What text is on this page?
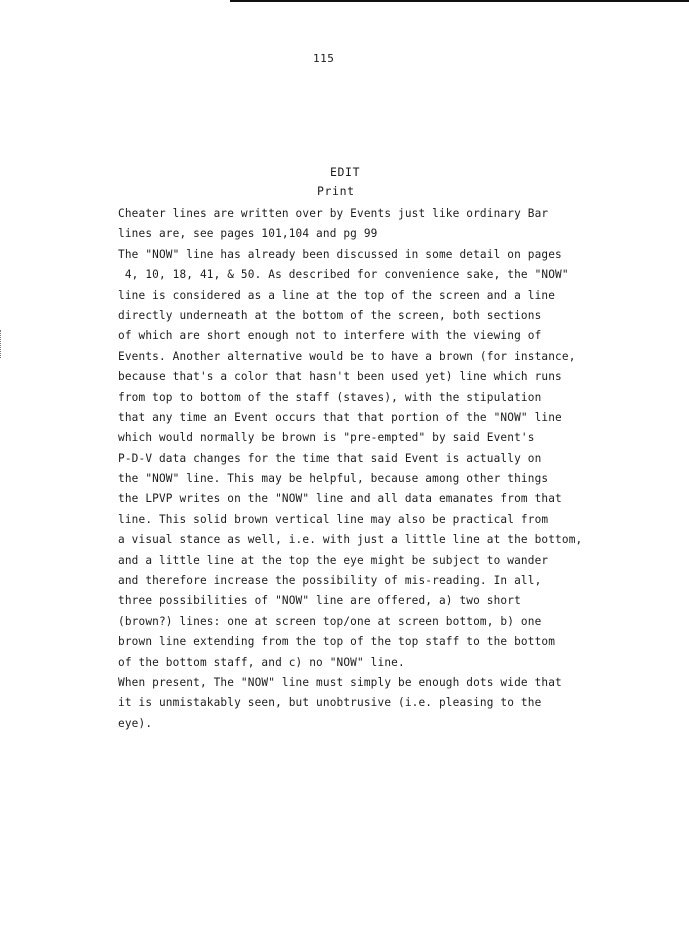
115
EDIT
Print
Cheater lines are written over by Events just like ordinary Bar
lines are, see pages 101,104 and pg 99
The "NOW" line has already been discussed in some detail on pages
4, 10, 18, 41, & 50. As described for convenience sake, the "NOW"
line is considered as a line at the top of the screen and a line
directly underneath at the bottom of the screen, both sections
of which are short enough not to interfere with the viewing of
Events. Another alternative would be to have a brown (for instance,
because that's a color that hasn't been used yet) line which runs
from top to bottom of the staff (staves), with the stipulation
that any time an Event occurs that that portion of the "NOW" line
which would normally be brown is "pre-empted" by said Event's
P-D-V data changes for the time that said Event is actually on
the "NOW" line. This may be helpful, because among other things
the LPVP writes on the "NOW" line and all data emanates from that
line. This solid brown vertical line may also be practical from
a visual stance as well, i.e. with just a little line at the bottom,
and a little line at the top the eye might be subject to wander
and therefore increase the possibility of mis-reading. In all,
three possibilities of "NOW" line are offered, a) two short
(brown?) lines: one at screen top/one at screen bottom, b) one
brown line extending from the top of the top staff to the bottom
of the bottom staff, and c) no "NOW" line.
When present, The "NOW" line must simply be enough dots wide that
it is unmistakably seen, but unobtrusive (i.e. pleasing to the
eye).
